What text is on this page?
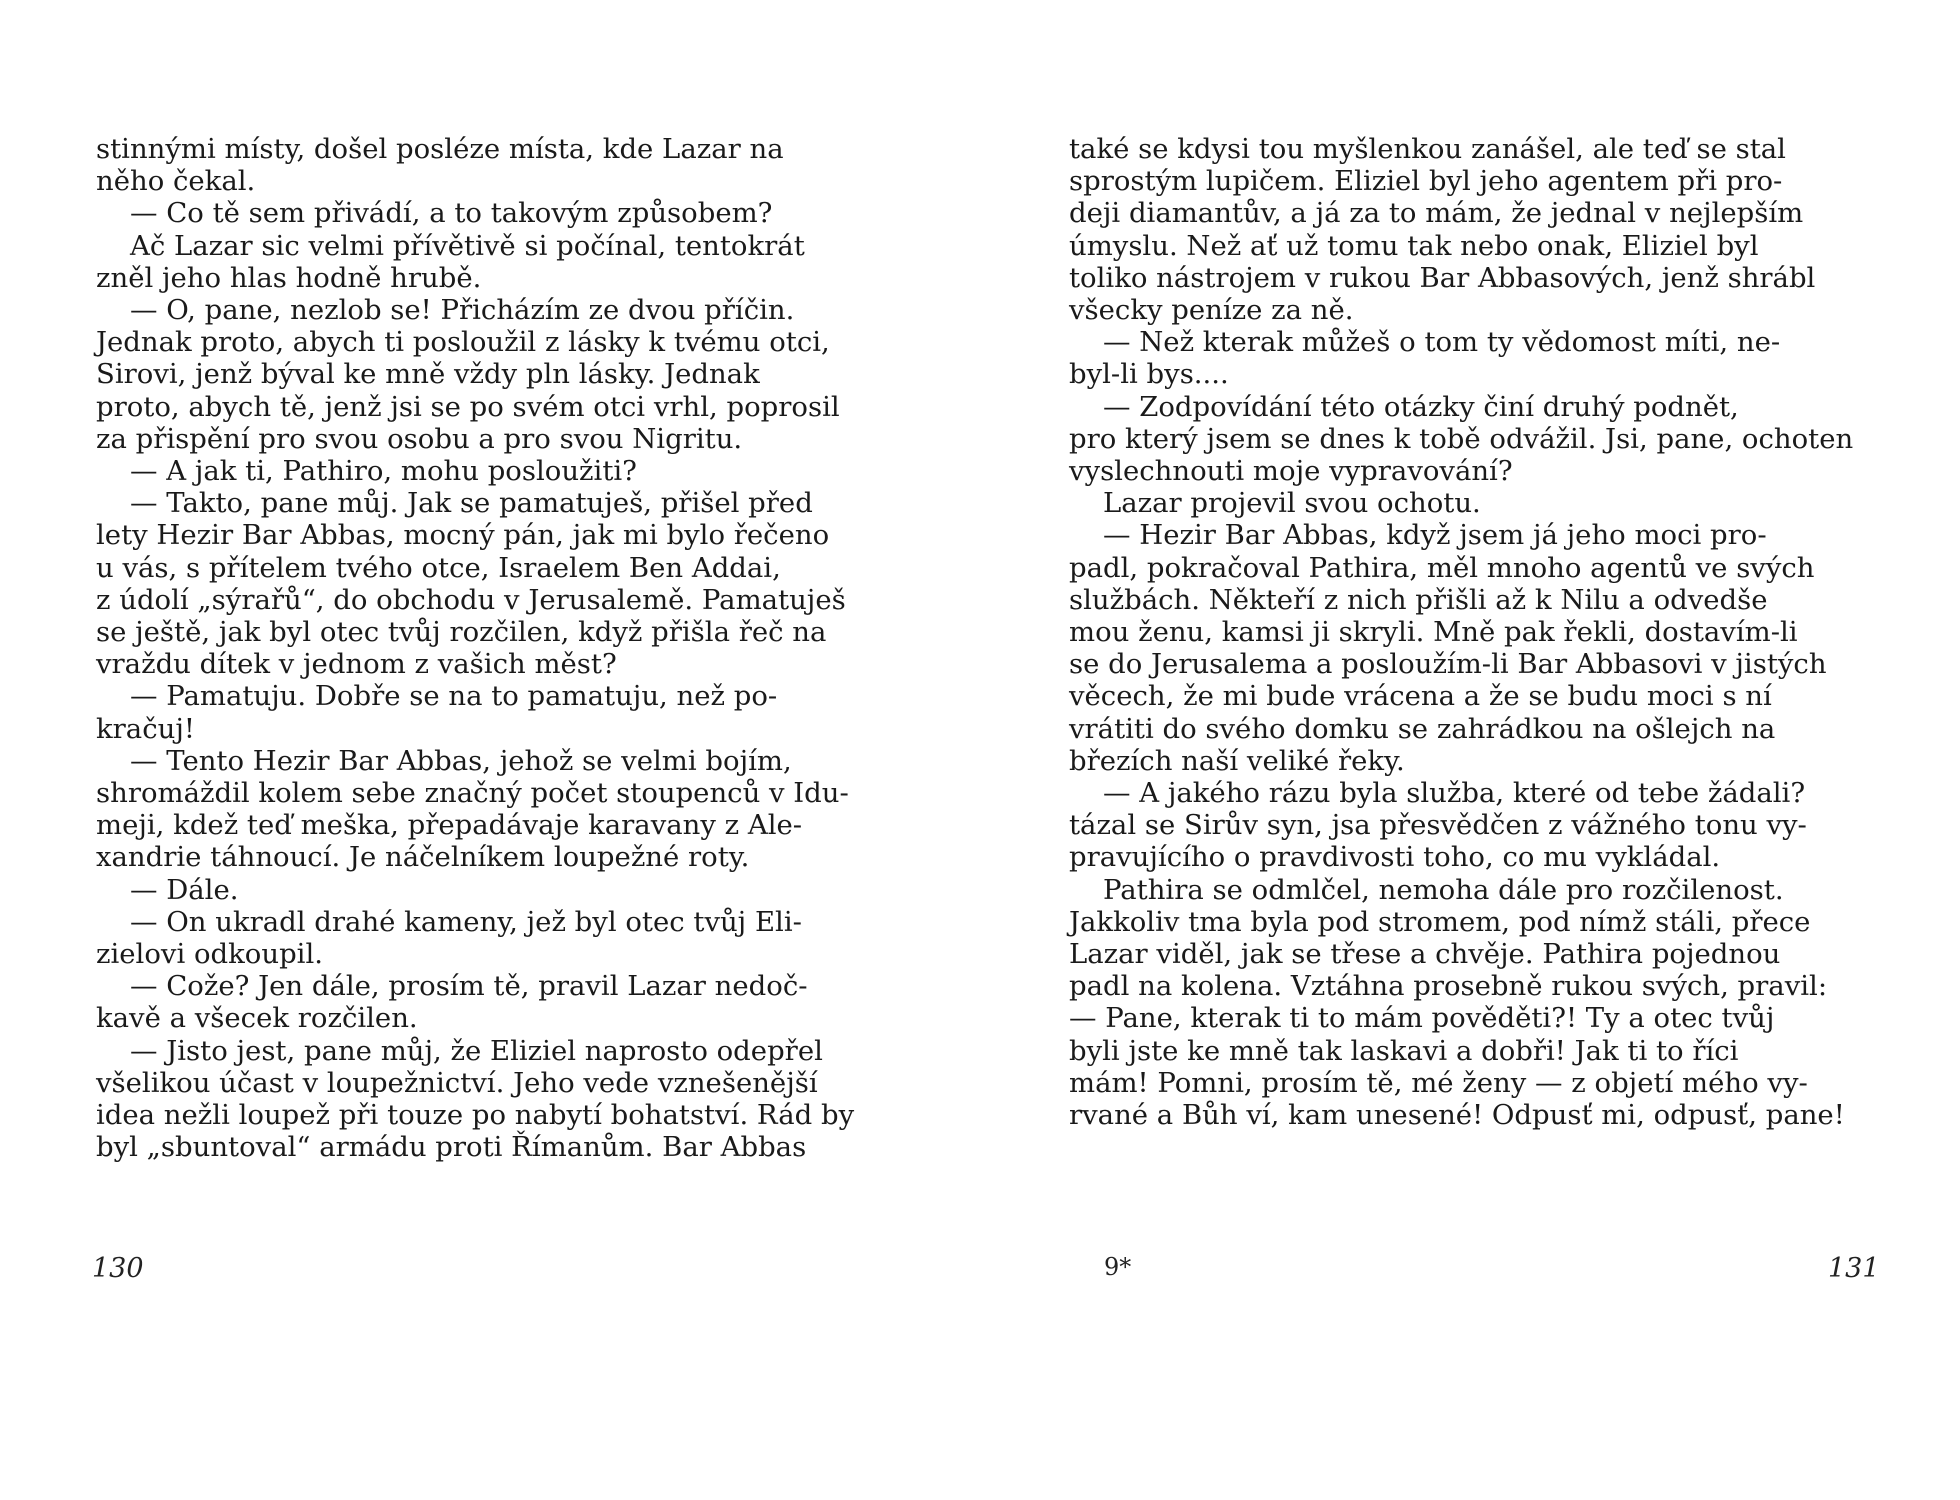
stinnými místy, došel posléze místa, kde Lazar na
něho čekal.
— Co tě sem přivádí, a to takovým způsobem?
Ač Lazar sic velmi přívětivě si počínal, tentokrát
zněl jeho hlas hodně hrubě.
— O, pane, nezlob se! Přicházím ze dvou příčin.
Jednak proto, abych ti posloužil z lásky k tvému otci,
Sirovi, jenž býval ke mně vždy pln lásky. Jednak
proto, abych tě, jenž jsi se po svém otci vrhl, poprosil
za přispění pro svou osobu a pro svou Nigritu.
— A jak ti, Pathiro, mohu posloužiti?
— Takto, pane můj. Jak se pamatuješ, přišel před
lety Hezir Bar Abbas, mocný pán, jak mi bylo řečeno
u vás, s přítelem tvého otce, Israelem Ben Addai,
z údolí „sýrařů“, do obchodu v Jerusalemě. Pamatuješ
se ještě, jak byl otec tvůj rozčilen, když přišla řeč na
vraždu dítek v jednom z vašich měst?
— Pamatuju. Dobře se na to pamatuju, než po-
kračuj!
— Tento Hezir Bar Abbas, jehož se velmi bojím,
shromáždil kolem sebe značný počet stoupenců v Idu-
meji, kdež teď meška, přepadávaje karavany z Ale-
xandrie táhnoucí. Je náčelníkem loupežné roty.
— Dále.
— On ukradl drahé kameny, jež byl otec tvůj Eli-
zielovi odkoupil.
— Cože? Jen dále, prosím tě, pravil Lazar nedoč-
kavě a všecek rozčilen.
— Jisto jest, pane můj, že Eliziel naprosto odepřel
všelikou účast v loupežnictví. Jeho vede vznešenější
idea nežli loupež při touze po nabytí bohatství. Rád by
byl „sbuntoval“ armádu proti Římanům. Bar Abbas
130
také se kdysi tou myšlenkou zanášel, ale teď se stal
sprostým lupičem. Eliziel byl jeho agentem při pro-
deji diamantův, a já za to mám, že jednal v nejlepším
úmyslu. Než ať už tomu tak nebo onak, Eliziel byl
toliko nástrojem v rukou Bar Abbasových, jenž shrábl
všecky peníze za ně.
— Než kterak můžeš o tom ty vědomost míti, ne-
byl-li bys....
— Zodpovídání této otázky činí druhý podnět,
pro který jsem se dnes k tobě odvážil. Jsi, pane, ochoten
vyslechnouti moje vypravování?
Lazar projevil svou ochotu.
— Hezir Bar Abbas, když jsem já jeho moci pro-
padl, pokračoval Pathira, měl mnoho agentů ve svých
službách. Někteří z nich přišli až k Nilu a odvedše
mou ženu, kamsi ji skryli. Mně pak řekli, dostavím-li
se do Jerusalema a posloužím-li Bar Abbasovi v jistých
věcech, že mi bude vrácena a že se budu moci s ní
vrátiti do svého domku se zahrádkou na ošlejch na
březích naší veliké řeky.
— A jakého rázu byla služba, které od tebe žádali?
tázal se Sirův syn, jsa přesvědčen z vážného tonu vy-
pravujícího o pravdivosti toho, co mu vykládal.
Pathira se odmlčel, nemoha dále pro rozčilenost.
Jakkoliv tma byla pod stromem, pod nímž stáli, přece
Lazar viděl, jak se třese a chvěje. Pathira pojednou
padl na kolena. Vztáhna prosebně rukou svých, pravil:
— Pane, kterak ti to mám pověděti?! Ty a otec tvůj
byli jste ke mně tak laskavi a dobři! Jak ti to říci
mám! Pomni, prosím tě, mé ženy — z objetí mého vy-
rvané a Bůh ví, kam unesené! Odpusť mi, odpusť, pane!
9*	131
